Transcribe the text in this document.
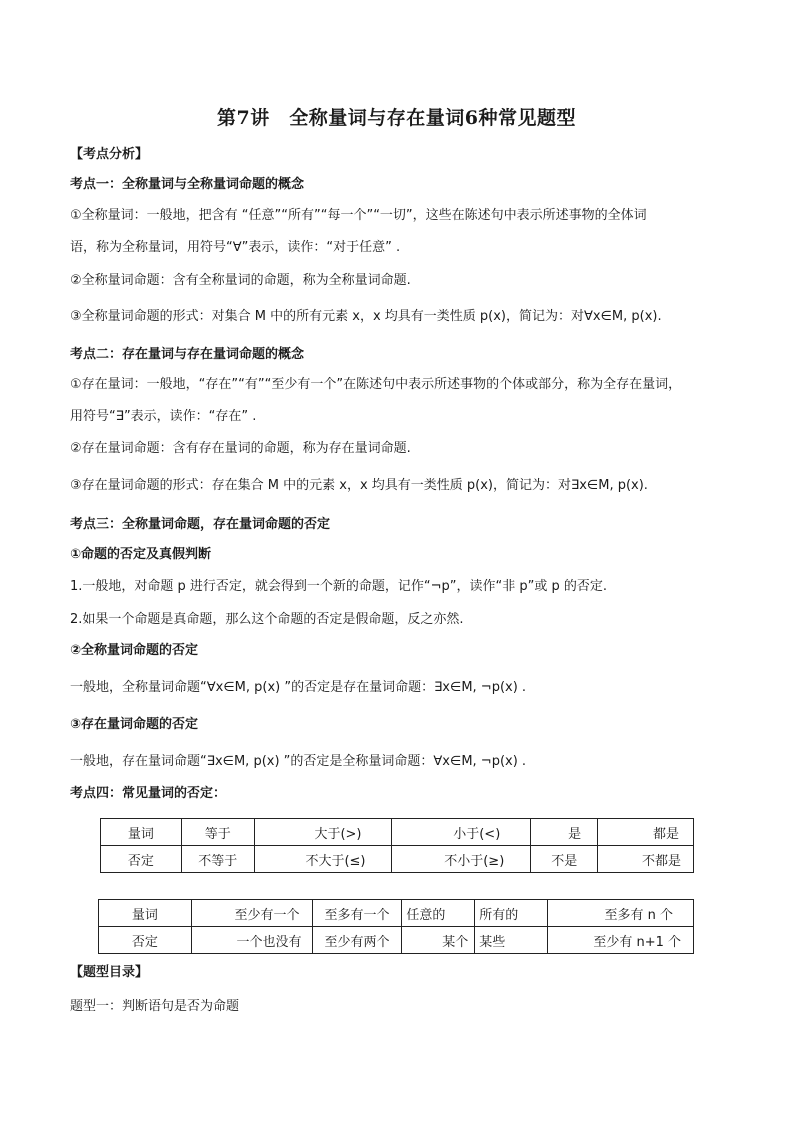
第7讲　全称量词与存在量词6种常见题型
【考点分析】
考点一：全称量词与全称量词命题的概念
①全称量词：一般地，把含有 “任意”“所有”“每一个”“一切”，这些在陈述句中表示所述事物的全体词
语，称为全称量词，用符号“∀”表示，读作：“对于任意” .
②全称量词命题：含有全称量词的命题，称为全称量词命题.
③全称量词命题的形式：对集合 M 中的所有元素 x，x 均具有一类性质 p(x)，简记为：对∀x∈M, p(x).
考点二：存在量词与存在量词命题的概念
①存在量词：一般地，“存在”“有”“至少有一个”在陈述句中表示所述事物的个体或部分，称为全存在量词，
用符号“∃”表示，读作：“存在” .
②存在量词命题：含有存在量词的命题，称为存在量词命题.
③存在量词命题的形式：存在集合 M 中的元素 x，x 均具有一类性质 p(x)，简记为：对∃x∈M, p(x).
考点三：全称量词命题，存在量词命题的否定
①命题的否定及真假判断
1.一般地，对命题 p 进行否定，就会得到一个新的命题，记作“¬p”，读作“非 p”或 p 的否定.
2.如果一个命题是真命题，那么这个命题的否定是假命题，反之亦然.
②全称量词命题的否定
一般地，全称量词命题“∀x∈M, p(x) ”的否定是存在量词命题：∃x∈M, ¬p(x) .
③存在量词命题的否定
一般地，存在量词命题“∃x∈M, p(x) ”的否定是全称量词命题：∀x∈M, ¬p(x) .
考点四：常见量词的否定：
量词	等于	大于(>)	小于(<)	是	都是
否定	不等于	不大于(≤)	不小于(≥)	不是	不都是
量词	至少有一个	至多有一个	任意的	所有的	至多有 n 个
否定	一个也没有	至少有两个	某个	某些	至少有 n+1 个
【题型目录】
题型一：判断语句是否为命题
